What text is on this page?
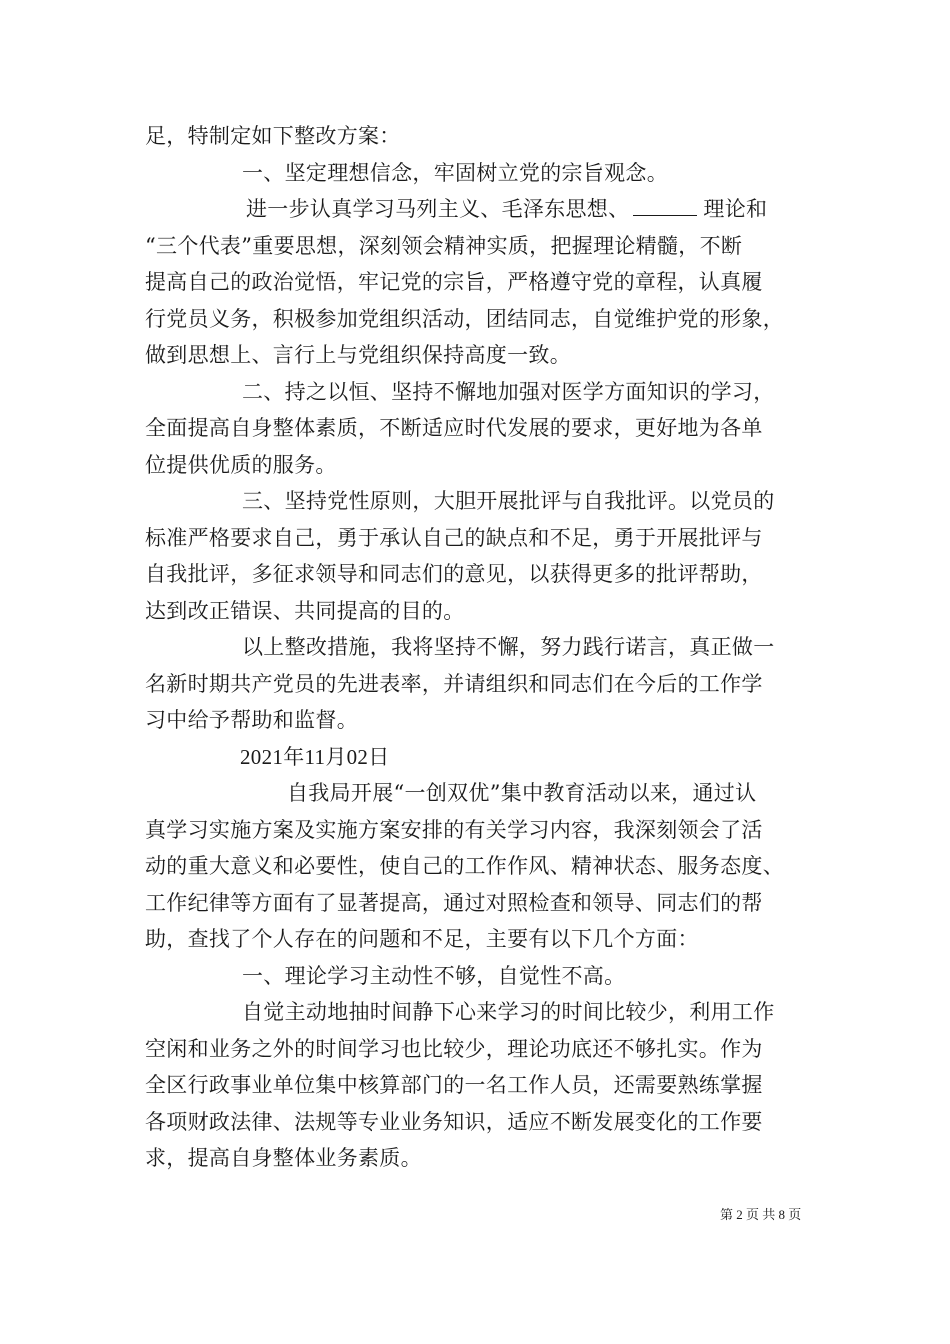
足，特制定如下整改方案：
一、坚定理想信念，牢固树立党的宗旨观念。
进一步认真学习马列主义、毛泽东思想、	理论和
“三个代表”重要思想，深刻领会精神实质，把握理论精髓，不断
提高自己的政治觉悟，牢记党的宗旨，严格遵守党的章程，认真履
行党员义务，积极参加党组织活动，团结同志，自觉维护党的形象，
做到思想上、言行上与党组织保持高度一致。
二、持之以恒、坚持不懈地加强对医学方面知识的学习，
全面提高自身整体素质，不断适应时代发展的要求，更好地为各单
位提供优质的服务。
三、坚持党性原则，大胆开展批评与自我批评。以党员的
标准严格要求自己，勇于承认自己的缺点和不足，勇于开展批评与
自我批评，多征求领导和同志们的意见，以获得更多的批评帮助，
达到改正错误、共同提高的目的。
以上整改措施，我将坚持不懈，努力践行诺言，真正做一
名新时期共产党员的先进表率，并请组织和同志们在今后的工作学
习中给予帮助和监督。
2021年11月02日
自我局开展“一创双优”集中教育活动以来，通过认
真学习实施方案及实施方案安排的有关学习内容，我深刻领会了活
动的重大意义和必要性，使自己的工作作风、精神状态、服务态度、
工作纪律等方面有了显著提高，通过对照检查和领导、同志们的帮
助，查找了个人存在的问题和不足，主要有以下几个方面：
一、理论学习主动性不够，自觉性不高。
自觉主动地抽时间静下心来学习的时间比较少，利用工作
空闲和业务之外的时间学习也比较少，理论功底还不够扎实。作为
全区行政事业单位集中核算部门的一名工作人员，还需要熟练掌握
各项财政法律、法规等专业业务知识，适应不断发展变化的工作要
求，提高自身整体业务素质。
第 2 页 共 8 页
